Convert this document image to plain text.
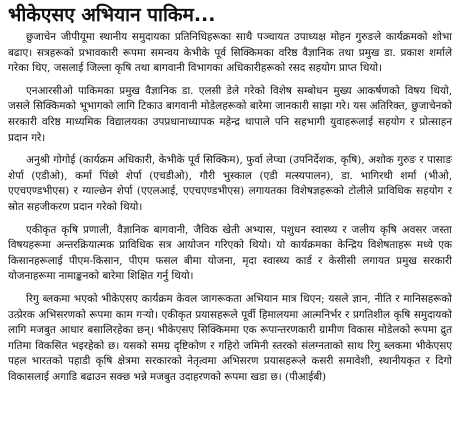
भीकेएसए अभियान पाकिम...

छुजाचेन जीपीयूमा स्थानीय समुदायका प्रतिनिधिहरूका साथै पञ्चायत उपाध्यक्ष मोहन गुरुङले कार्यक्रमको शोभा बढाए। सत्रहरूको प्रभावकारी रूपमा समन्वय केभीके पूर्व सिक्किमका वरिष्ठ वैज्ञानिक तथा प्रमुख डा. प्रकाश शर्माले गरेका थिए, जसलाई जिल्ला कृषि तथा बागवानी विभागका अधिकारीहरूको रसद सहयोग प्राप्त थियो।

एनआरसीओ पाकिमका प्रमुख वैज्ञानिक डा. एलसी डेले गरेको विशेष सम्बोधन मुख्य आकर्षणको विषय थियो, जसले सिक्किमको भूभागको लागि टिकाउ बागवानी मोडेलहरूको बारेमा जानकारी साझा गरे। यस अतिरिक्त, छुजाचेनको सरकारी वरिष्ठ माध्यमिक विद्यालयका उपप्रधानाध्यापक महेन्द्र थापाले पनि सहभागी युवाहरूलाई सहयोग र प्रोत्साहन प्रदान गरे।

अनुश्री गोगोई (कार्यक्रम अधिकारी, केभीके पूर्व सिक्किम), फुर्वा लेप्चा (उपनिर्देशक, कृषि), अशोक गुरुङ र पासाङ शेर्पा (एडीओ), कर्मा पिंछो शेर्पा (एचडीओ), गौरी भुस्काल (एडी मत्स्यपालन), डा. भागिरथी शर्मा (भीओ, एएचएण्डभीएस) र ग्याल्छेन शेर्पा (एएलआई, एएचएण्डभीएस) लगायतका विशेषज्ञहरूको टोलीले प्राविधिक सहयोग र स्रोत सहजीकरण प्रदान गरेको थियो।

एकीकृत कृषि प्रणाली, वैज्ञानिक बागवानी, जैविक खेती अभ्यास, पशुधन स्वास्थ्य र जलीय कृषि अवसर जस्ता विषयहरूमा अन्तरक्रियात्मक प्राविधिक सत्र आयोजन गरिएको थियो। यो कार्यक्रमका केन्द्रिय विशेषताहरू मध्ये एक किसानहरूलाई पीएम-किसान, पीएम फसल बीमा योजना, मृदा स्वास्थ्य कार्ड र केसीसी लगायत प्रमुख सरकारी योजनाहरूमा नामाङ्कनको बारेमा शिक्षित गर्नु थियो।

रिगु ब्लकमा भएको भीकेएसए कार्यक्रम केवल जागरूकता अभियान मात्र थिएन; यसले ज्ञान, नीति र मानिसहरूको उत्प्रेरक अभिसरणको रूपमा काम गऱ्यो। एकीकृत प्रयासहरूले पूर्वी हिमालयमा आत्मनिर्भर र प्रगतिशील कृषि समुदायको लागि मजबुत आधार बसालिरहेका छन्। भीकेएसए सिक्किममा एक रूपान्तरणकारी ग्रामीण विकास मोडेलको रूपमा द्रुत गतिमा विकसित भइरहेको छ। यसको समग्र दृष्टिकोण र गहिरो जमिनी स्तरको संलग्नताको साथ रिगु ब्लकमा भीकेएसए पहल भारतको पहाडी कृषि क्षेत्रमा सरकारको नेतृत्वमा अभिसरण प्रयासहरूले कसरी समावेशी, स्थानीयकृत र दिगो विकासलाई अगाडि बढाउन सक्छ भन्ने मजबुत उदाहरणको रूपमा खडा छ। (पीआईबी)
